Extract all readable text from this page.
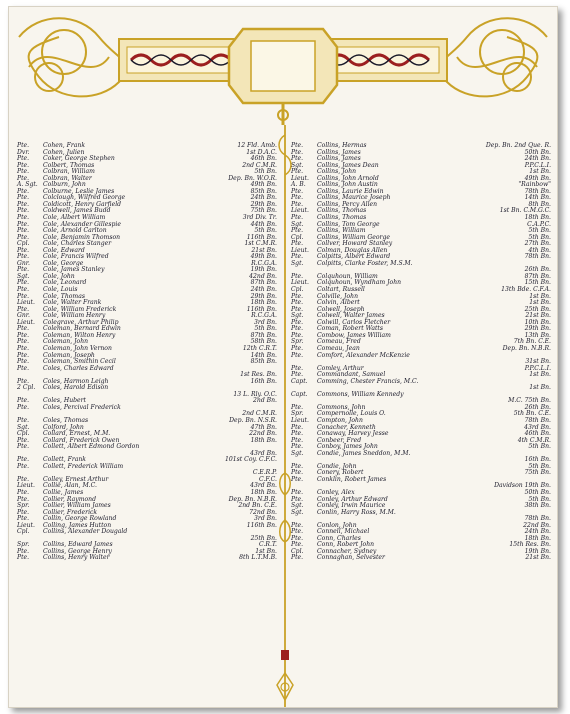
Pte.	Cohen, Frank	12 Fld. Amb.
Dvr.	Cohen, Julien	1st D.A.C.
Pte.	Coker, George Stephen	46th Bn.
Pte.	Colbert, Thomas	2nd C.M.R.
Pte.	Colbran, William	5th Bn.
Pte.	Colbran, Walter	Dep. Bn. W.O.R.
A. Sgt. Colburn, John	49th Bn.
Pte.	Colburne, Leslie James	85th Bn.
Pte.	Colclough, Wilfred George	24th Bn.
Pte.	Coldicott, Henry Garfield	29th Bn.
Pte.	Coldwell, James Budd	75th Bn.
Pte.	Cole, Albert William	3rd Div. Tr.
Pte.	Cole, Alexander Gillespie	44th Bn.
Pte.	Cole, Arnold Carlton	5th Bn.
Pte.	Cole, Benjamin Thomson	116th Bn.
Cpl.	Cole, Charles Stanger	1st C.M.R.
Pte.	Cole, Edward	21st Bn.
Pte.	Cole, Francis Wilfred	49th Bn.
Gnr.	Cole, George	R.C.G.A.
Pte.	Cole, James Stanley	19th Bn.
Sgt.	Cole, John	42nd Bn.
Pte.	Cole, Leonard	87th Bn.
Pte.	Cole, Louis	24th Bn.
Pte.	Cole, Thomas	29th Bn.
Lieut.	Cole, Walter Frank	18th Bn.
Pte.	Cole, William Frederick	116th Bn.
Gnr.	Cole, William Henry	R.C.G.A.
Lieut.	Colegrave, Arthur Philip	3rd Bn.
Pte.	Coleman, Bernard Edwin	5th Bn.
Pte.	Coleman, Wilton Henry	87th Bn.
Pte.	Coleman, John	58th Bn.
Pte.	Coleman, John Vernon	12th C.R.T.
Pte.	Coleman, Joseph	14th Bn.
Pte.	Coleman, Smithin Cecil	85th Bn.
Pte.	Coles, Charles Edward
1st Res. Bn.
Pte.	Coles, Harmon Leigh	16th Bn.
2 Cpl.	Coles, Harold Edison
13 L. Rly. O.C.
Pte.	Coles, Hubert	2nd Bn.
Pte.	Coles, Percival Frederick
2nd C.M.R.
Pte.	Coles, Thomas	Dep. Bn. N.S.R.
Sgt.	Colford, John	47th Bn.
Cpl.	Collard, Ernest, M.M.	22nd Bn.
Pte.	Collard, Frederick Owen	18th Bn.
Pte.	Collett, Albert Edmond Gordon
43rd Bn.
Pte.	Collett, Frank	101st Coy. C.F.C.
Pte.	Collett, Frederick William
C.E.R.P.
Pte.	Colley, Ernest Arthur	C.F.C.
Lieut.	Collie, Alan, M.C.	43rd Bn.
Pte.	Collie, James	18th Bn.
Pte.	Collier, Raymond	Dep. Bn. N.B.R.
Spr.	Collier, William James	2nd Bn. C.E.
Pte.	Collier, Frederick	72nd Bn.
Pte.	Collin, George Rowland	3rd Bn.
Lieut.	Colling, James Hutton	116th Bn.
Cpl.	Collins, Alexander Dougald
25th Bn.
Spr.	Collins, Edward James	C.R.T.
Pte.	Collins, George Henry	1st Bn.
Pte.	Collins, Henry Walter	8th L.T.M.B.
Pte.	Collins, Hermas	Dep. Bn. 2nd Que. R.
Pte.	Collins, James	50th Bn.
Pte.	Collins, James	24th Bn.
Sgt.	Collins, James Dean	P.P.C.L.I.
Pte.	Collins, John	1st Bn.
Lieut.	Collins, John Arnold	49th Bn.
A. B.	Collins, John Austin	"Rainbow"
Pte.	Collins, Laurie Edwin	78th Bn.
Pte.	Collins, Maurice Joseph	14th Bn.
Pte.	Collins, Percy Allen	8th Bn.
Lieut.	Collins, Thomas	1st Bn. C.M.G.C.
Pte.	Collins, Thomas	18th Bn.
Sgt.	Collins, Tom George	C.A.P.C.
Pte.	Collins, William	5th Bn.
Cpl.	Collins, William George	5th Bn.
Pte.	Collver, Howard Stanley	27th Bn.
Lieut.	Colman, Douglas Allen	4th Bn.
Pte.	Colpitts, Albert Edward	78th Bn.
Sgt.	Colpitts, Clarke Foster, M.S.M.
26th Bn.
Pte.	Colquhoun, William	87th Bn.
Lieut.	Colquhoun, Wyndham John	15th Bn.
Cpl.	Coltart, Russell	13th Bde. C.F.A.
Pte.	Colville, John	1st Bn.
Pte.	Colvin, Albert	1st Bn.
Pte.	Colwell, Joseph	25th Bn.
Sgt.	Colwell, Walter James	21st Bn.
Pte.	Colwill, Carlos Fletcher	10th Bn.
Pte.	Coman, Robert Watts	29th Bn.
Pte.	Combow, James William	13th Bn.
Spr.	Comeau, Fred	7th Bn. C.E.
Pte.	Comeau, Jean	Dep. Bn. N.B.R.
Pte.	Comfort, Alexander McKenzie
31st Bn.
Pte.	Comley, Arthur	P.P.C.L.I.
Pte.	Commandant, Samuel	1st Bn.
Capt.	Comming, Chester Francis, M.C.
1st Bn.
Capt.	Commons, William Kennedy
M.C. 75th Bn.
Pte.	Commons, John	26th Bn.
Spr.	Compernolle, Louis O.	5th Bn. C.E.
Lieut.	Compton, John	78th Bn.
Pte.	Conacher, Kenneth	43rd Bn.
Pte.	Conaway, Harvey Jesse	46th Bn.
Pte.	Conbeer, Fred	4th C.M.R.
Pte.	Conboy, James John	5th Bn.
Sgt.	Condie, James Sneddon, M.M.
16th Bn.
Pte.	Condie, John	5th Bn.
Pte.	Conery, Robert	75th Bn.
Pte.	Conklin, Robert James
Davidson 19th Bn.
Pte.	Conley, Alex	50th Bn.
Pte.	Conley, Arthur Edward	5th Bn.
Sgt.	Conley, Irwin Maurice	38th Bn.
Sgt.	Conlin, Harry Ross, M.M.
78th Bn.
Pte.	Conlon, John	22nd Bn.
Pte.	Connell, Michael	24th Bn.
Pte.	Conn, Charles	18th Bn.
Pte.	Conn, Robert John	15th Res. Bn.
Cpl.	Connacher, Sydney	19th Bn.
Pte.	Connaghan, Selvester	21st Bn.
